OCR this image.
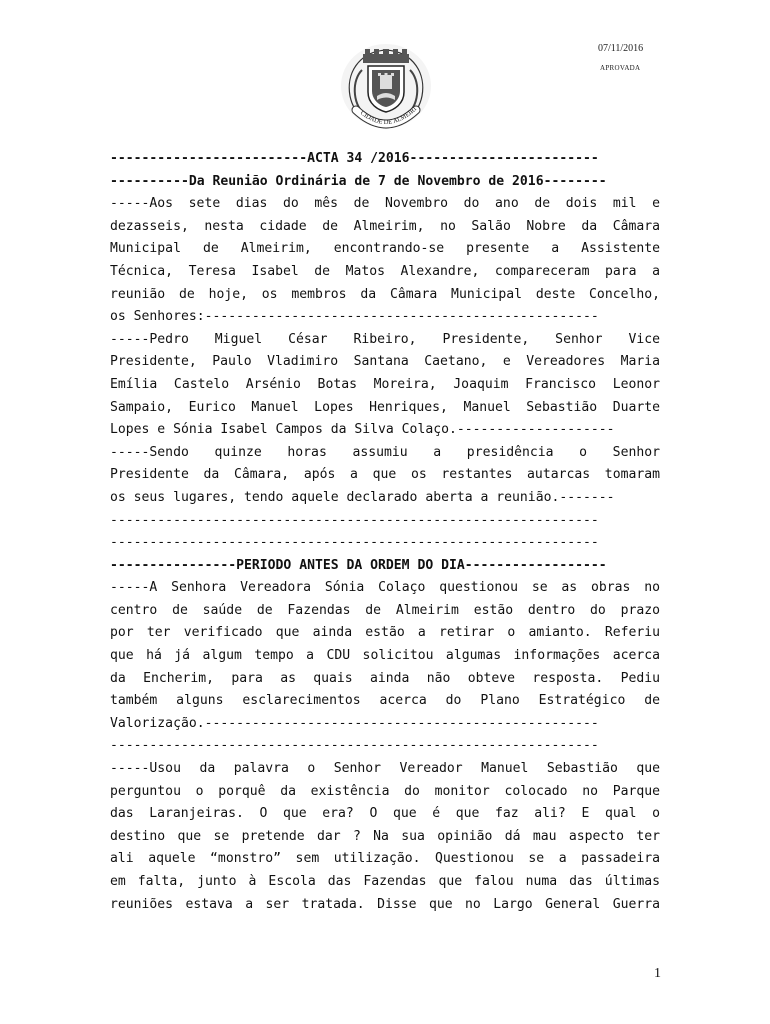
CIDADE DE ALMEIRI
07/11/2016
APROVADA
-------------------------ACTA 34 /2016------------------------
----------Da Reunião Ordinária de 7 de Novembro de 2016--------
-----Aos sete dias do mês de Novembro do ano de dois mil e
dezasseis, nesta cidade de Almeirim, no Salão Nobre da Câmara
Municipal de Almeirim, encontrando-se presente a Assistente
Técnica, Teresa Isabel de Matos Alexandre, compareceram para a
reunião de hoje, os membros da Câmara Municipal deste Concelho,
os Senhores:--------------------------------------------------
-----Pedro Miguel César Ribeiro, Presidente, Senhor Vice
Presidente, Paulo Vladimiro Santana Caetano, e Vereadores Maria
Emília Castelo Arsénio Botas Moreira, Joaquim Francisco Leonor
Sampaio, Eurico Manuel Lopes Henriques, Manuel Sebastião Duarte
Lopes e Sónia Isabel Campos da Silva Colaço.--------------------
-----Sendo quinze horas assumiu a presidência o Senhor
Presidente da Câmara, após a que os restantes autarcas tomaram
os seus lugares, tendo aquele declarado aberta a reunião.-------
--------------------------------------------------------------
--------------------------------------------------------------
----------------PERIODO ANTES DA ORDEM DO DIA------------------
-----A Senhora Vereadora Sónia Colaço questionou se as obras no
centro de saúde de Fazendas de Almeirim estão dentro do prazo
por ter verificado que ainda estão a retirar o amianto. Referiu
que há já algum tempo a CDU solicitou algumas informações acerca
da Encherim, para as quais ainda não obteve resposta. Pediu
também alguns esclarecimentos acerca do Plano Estratégico de
Valorização.--------------------------------------------------
--------------------------------------------------------------
-----Usou da palavra o Senhor Vereador Manuel Sebastião que
perguntou o porquê da existência do monitor colocado no Parque
das Laranjeiras. O que era? O que é que faz ali? E qual o
destino que se pretende dar ? Na sua opinião dá mau aspecto ter
ali aquele “monstro” sem utilização. Questionou se a passadeira
em falta, junto à Escola das Fazendas que falou numa das últimas
reuniões estava a ser tratada. Disse que no Largo General Guerra
1
